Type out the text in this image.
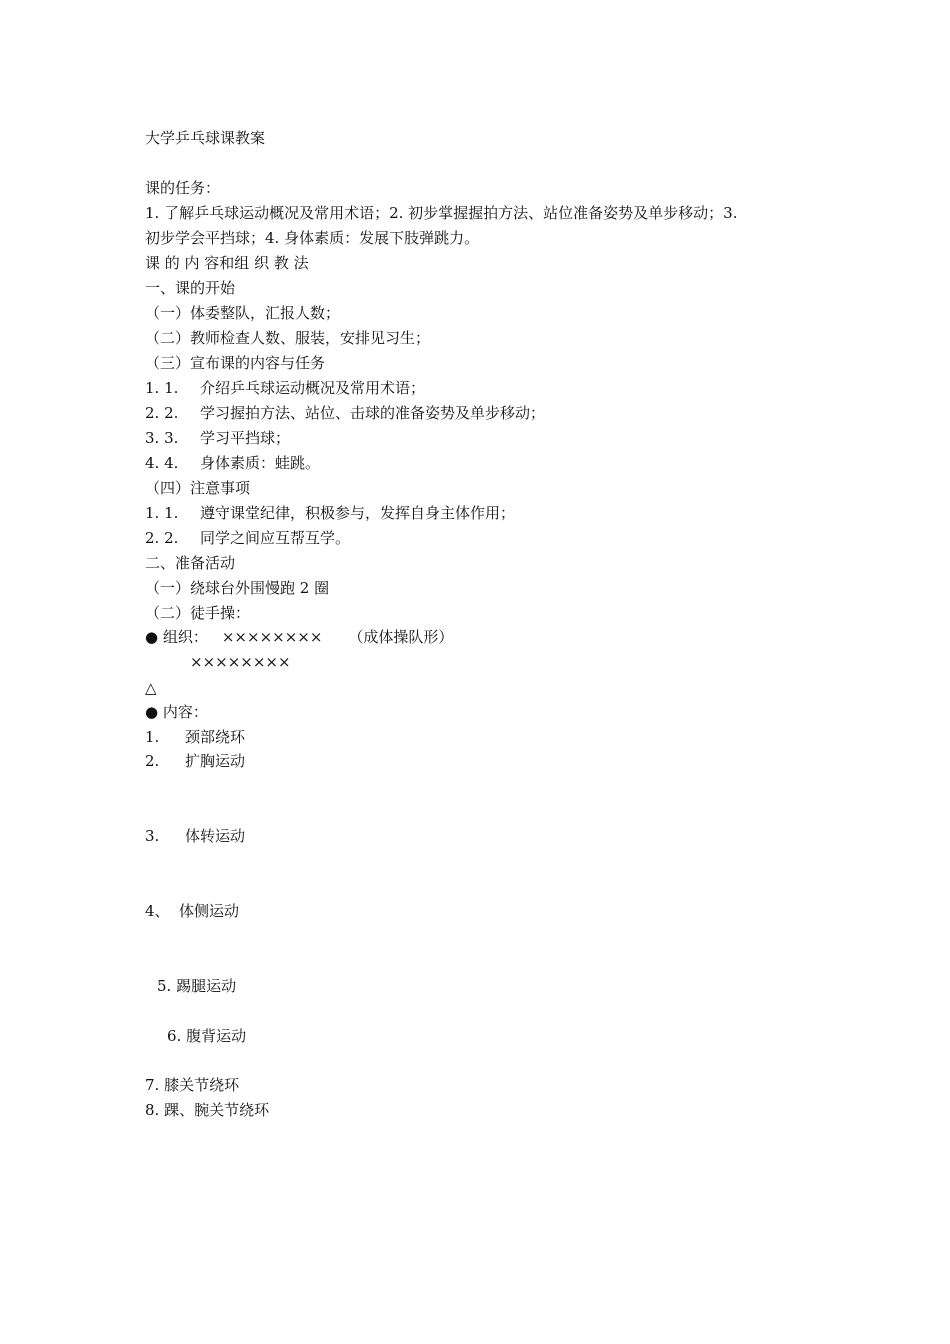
大学乒乓球课教案

课的任务：

1. 了解乒乓球运动概况及常用术语；2. 初步掌握握拍方法、站位准备姿势及单步移动；3.

初步学会平挡球；4. 身体素质：发展下肢弹跳力。

课 的 内 容和组 织 教 法

一、课的开始

（一）体委整队，汇报人数；

（二）教师检查人数、服装，安排见习生；

（三）宣布课的内容与任务

1. 1. 介绍乒乓球运动概况及常用术语；

2. 2. 学习握拍方法、站位、击球的准备姿势及单步移动；

3. 3. 学习平挡球；

4. 4. 身体素质：蛙跳。

（四）注意事项

1. 1. 遵守课堂纪律，积极参与，发挥自身主体作用；

2. 2. 同学之间应互帮互学。

二、准备活动

（一）绕球台外围慢跑 2 圈

（二）徒手操：

● 组织： ×××××××× （成体操队形）

××××××××

△

● 内容：

1. 颈部绕环

2. 扩胸运动

3. 体转运动

4、 体侧运动

5. 踢腿运动

6. 腹背运动

7. 膝关节绕环

8. 踝、腕关节绕环
